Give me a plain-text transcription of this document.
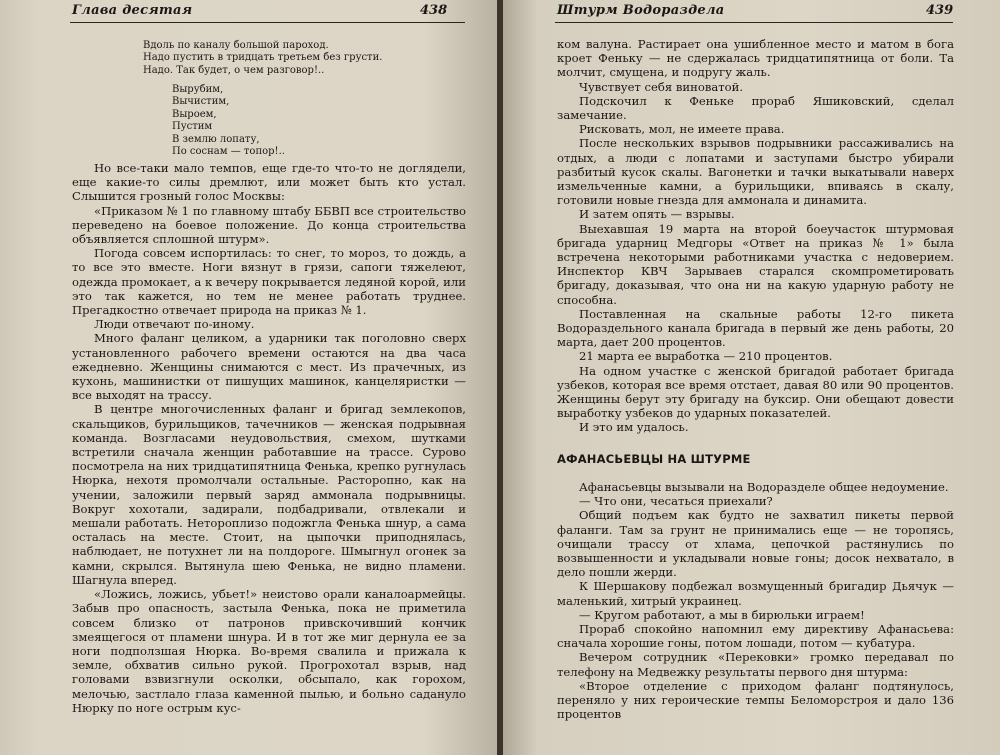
Глава десятая	438
Вдоль по каналу большой пароход.
Надо пустить в тридцать третьем без грусти.
Надо. Так будет, о чем разговор!..
Вырубим,
Вычистим,
Выроем,
Пустим
В землю лопату,
По соснам — топор!..

Но все-таки мало темпов, еще где-то что-то не доглядели, еще какие-то силы дремлют, или может быть кто устал. Слышится грозный голос Москвы:

«Приказом № 1 по главному штабу ББВП все строительство переведено на боевое положение. До конца строительства объявляется сплошной штурм».

Погода совсем испортилась: то снег, то мороз, то дождь, а то все это вместе. Ноги вязнут в грязи, сапоги тяжелеют, одежда промокает, а к вечеру покрывается ледяной корой, или это так кажется, но тем не менее работать труднее. Прегадкостно отвечает природа на приказ № 1.

Люди отвечают по-иному.

Много фаланг целиком, а ударники так поголовно сверх установленного рабочего времени остаются на два часа ежедневно. Женщины снимаются с мест. Из прачечных, из кухонь, машинистки от пишущих машинок, канцеляристки — все выходят на трассу.

В центре многочисленных фаланг и бригад землекопов, скальщиков, бурильщиков, тачечников — женская подрывная команда. Возгласами неудовольствия, смехом, шутками встретили сначала женщин работавшие на трассе. Сурово посмотрела на них тридцатипятница Фенька, крепко ругнулась Нюрка, нехотя промолчали остальные. Расторопно, как на учении, заложили первый заряд аммонала подрывницы. Вокруг хохотали, задирали, подбадривали, отвлекали и мешали работать. Нетороплизо подожгла Фенька шнур, а сама осталась на месте. Стоит, на цыпочки приподнялась, наблюдает, не потухнет ли на полдороге. Шмыгнул огонек за камни, скрылся. Вытянула шею Фенька, не видно пламени. Шагнула вперед.

«Ложись, ложись, убьет!» неистово орали каналоармейцы. Забыв про опасность, застыла Фенька, пока не приметила совсем близко от патронов привскочивший кончик змеящегося от пламени шнура. И в тот же миг дернула ее за ноги подползшая Нюрка. Во-время свалила и прижала к земле, обхватив сильно рукой. Прогрохотал взрыв, над головами взвизгнули осколки, обсыпало, как горохом, мелочью, застлало глаза каменной пылью, и больно садануло Нюрку по ноге острым кус-

Штурм Водораздела	439

ком валуна. Растирает она ушибленное место и матом в бога кроет Феньку — не сдержалась тридцатипятница от боли. Та молчит, смущена, и подругу жаль.

Чувствует себя виноватой.

Подскочил к Феньке прораб Яшиковский, сделал замечание.

Рисковать, мол, не имеете права.

После нескольких взрывов подрывники рассаживались на отдых, а люди с лопатами и заступами быстро убирали разбитый кусок скалы. Вагонетки и тачки выкатывали наверх измельченные камни, а бурильщики, впиваясь в скалу, готовили новые гнезда для аммонала и динамита.

И затем опять — взрывы.

Выехавшая 19 марта на второй боеучасток штурмовая бригада ударниц Медгоры «Ответ на приказ № 1» была встречена некоторыми работниками участка с недоверием. Инспектор КВЧ Зарываев старался скомпрометировать бригаду, доказывая, что она ни на какую ударную работу не способна.

Поставленная на скальные работы 12-го пикета Водораздельного канала бригада в первый же день работы, 20 марта, дает 200 процентов.

21 марта ее выработка — 210 процентов.

На одном участке с женской бригадой работает бригада узбеков, которая все время отстает, давая 80 или 90 процентов. Женщины берут эту бригаду на буксир. Они обещают довести выработку узбеков до ударных показателей.

И это им удалось.

АФАНАСЬЕВЦЫ НА ШТУРМЕ

Афанасьевцы вызывали на Водоразделе общее недоумение.

— Что они, чесаться приехали?

Общий подъем как будто не захватил пикеты первой фаланги. Там за грунт не принимались еще — не торопясь, очищали трассу от хлама, цепочкой растянулись по возвышенности и укладывали новые гоны; досок нехватало, в дело пошли жерди.

К Шершакову подбежал возмущенный бригадир Дьячук — маленький, хитрый украинец.

— Кругом работают, а мы в бирюльки играем!

Прораб спокойно напомнил ему директиву Афанасьева: сначала хорошие гоны, потом лошади, потом — кубатура.

Вечером сотрудник «Перековки» громко передавал по телефону на Медвежку результаты первого дня штурма:

«Второе отделение с приходом фаланг подтянулось, перенялo у них героические темпы Беломорстроя и дало 136 процентов
